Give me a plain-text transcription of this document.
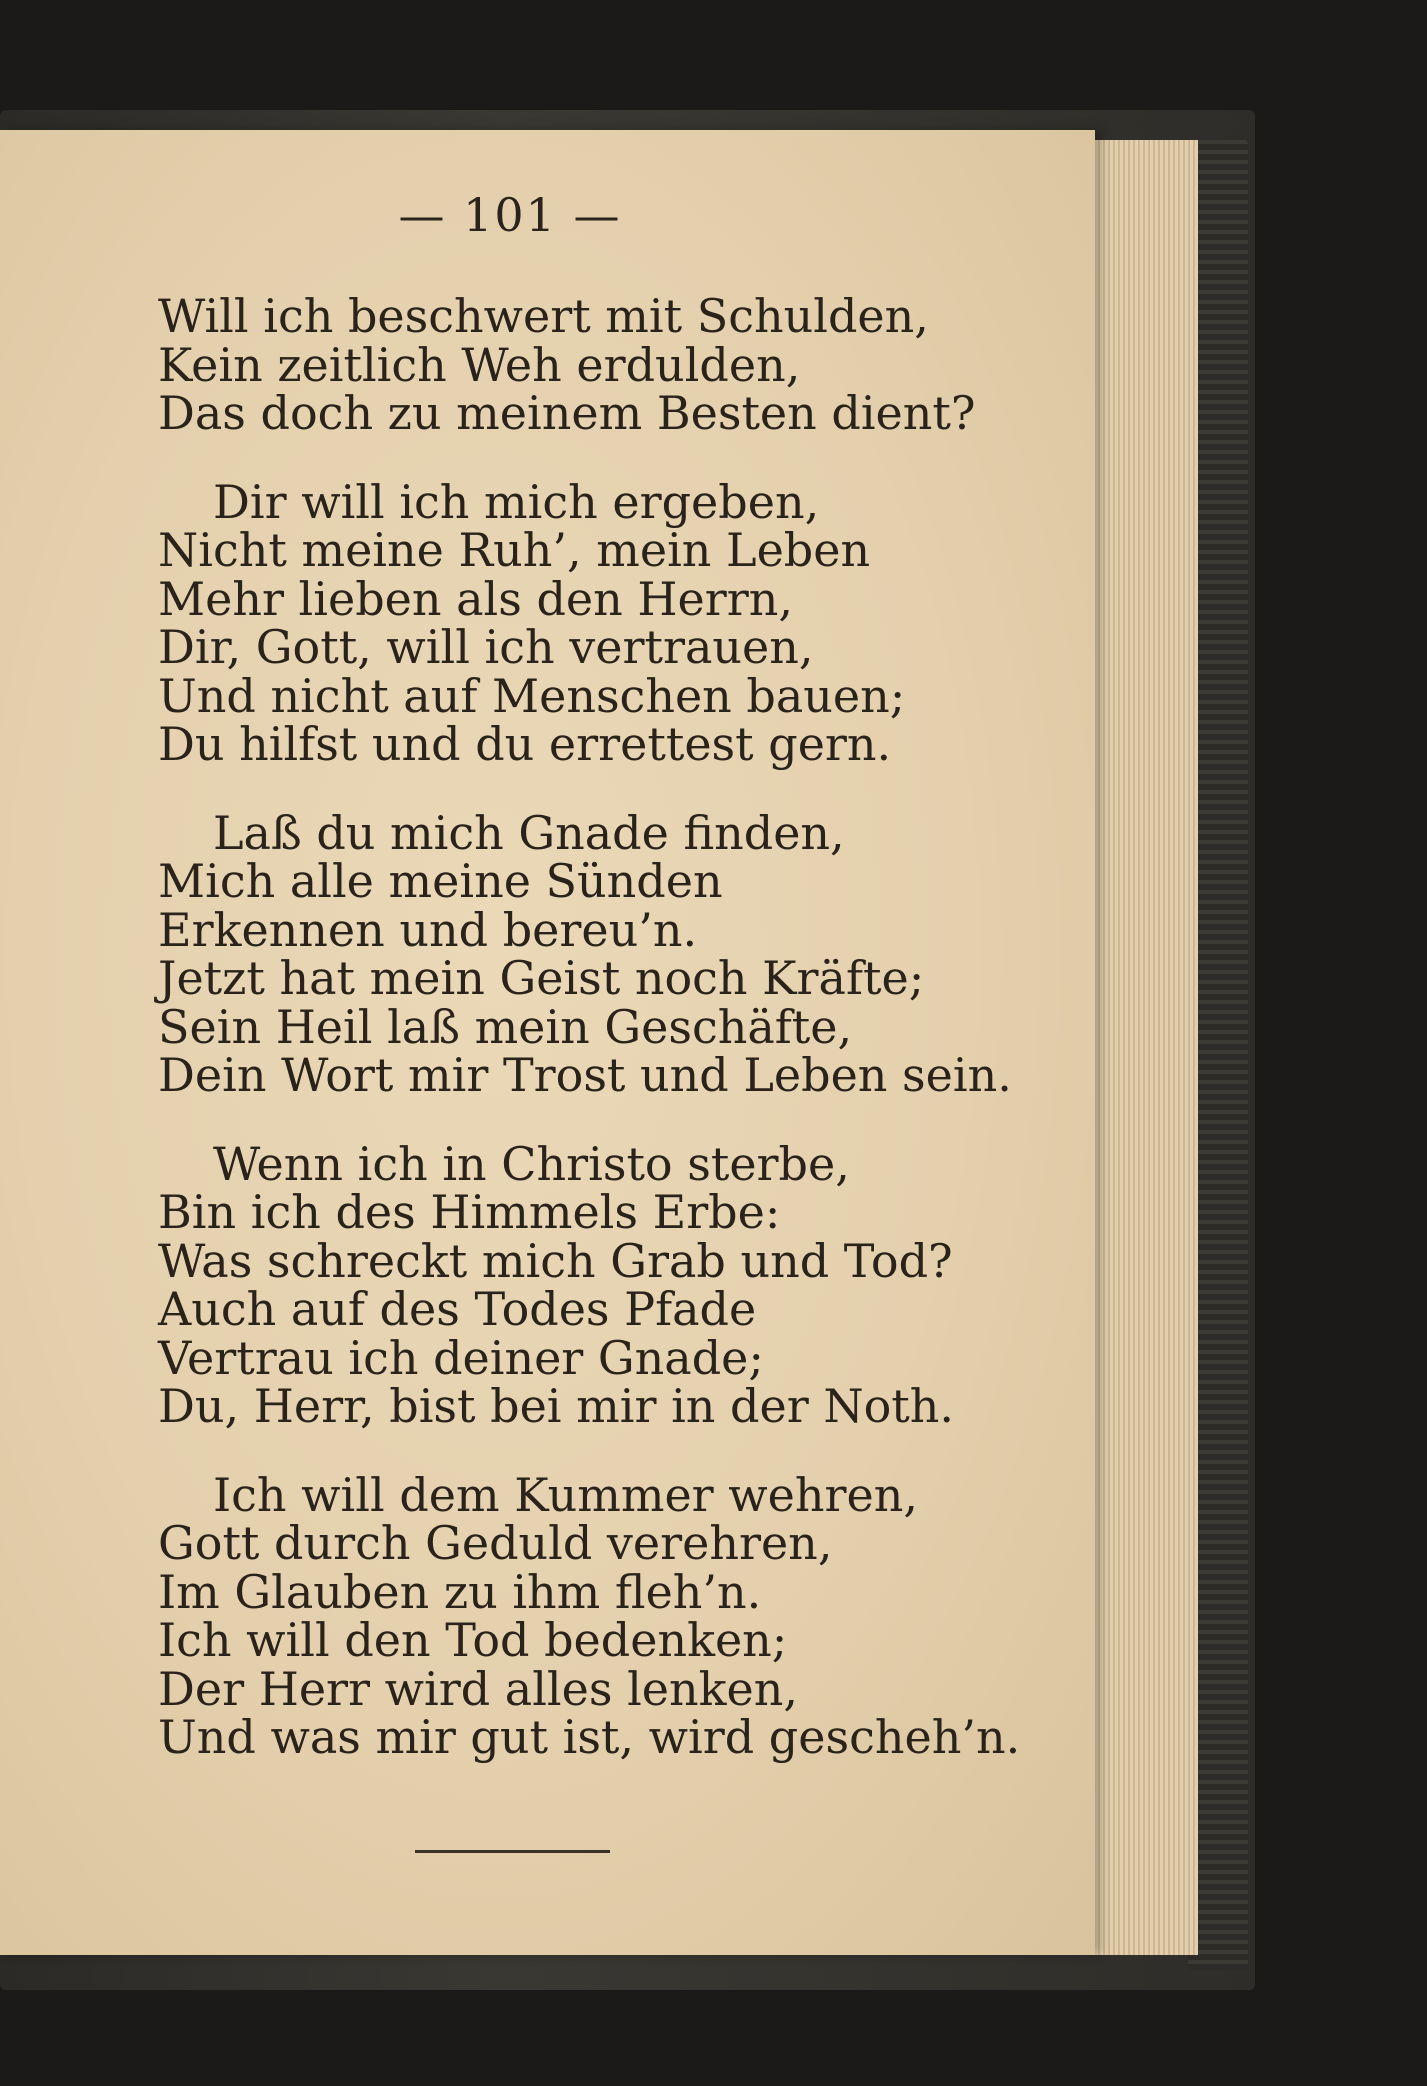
— 101 —
Will ich beschwert mit Schulden,
Kein zeitlich Weh erdulden,
Das doch zu meinem Besten dient?
Dir will ich mich ergeben,
Nicht meine Ruh’, mein Leben
Mehr lieben als den Herrn,
Dir, Gott, will ich vertrauen,
Und nicht auf Menschen bauen;
Du hilfst und du errettest gern.
Laß du mich Gnade finden,
Mich alle meine Sünden
Erkennen und bereu’n.
Jetzt hat mein Geist noch Kräfte;
Sein Heil laß mein Geschäfte,
Dein Wort mir Trost und Leben sein.
Wenn ich in Christo sterbe,
Bin ich des Himmels Erbe:
Was schreckt mich Grab und Tod?
Auch auf des Todes Pfade
Vertrau ich deiner Gnade;
Du, Herr, bist bei mir in der Noth.
Ich will dem Kummer wehren,
Gott durch Geduld verehren,
Im Glauben zu ihm fleh’n.
Ich will den Tod bedenken;
Der Herr wird alles lenken,
Und was mir gut ist, wird gescheh’n.
